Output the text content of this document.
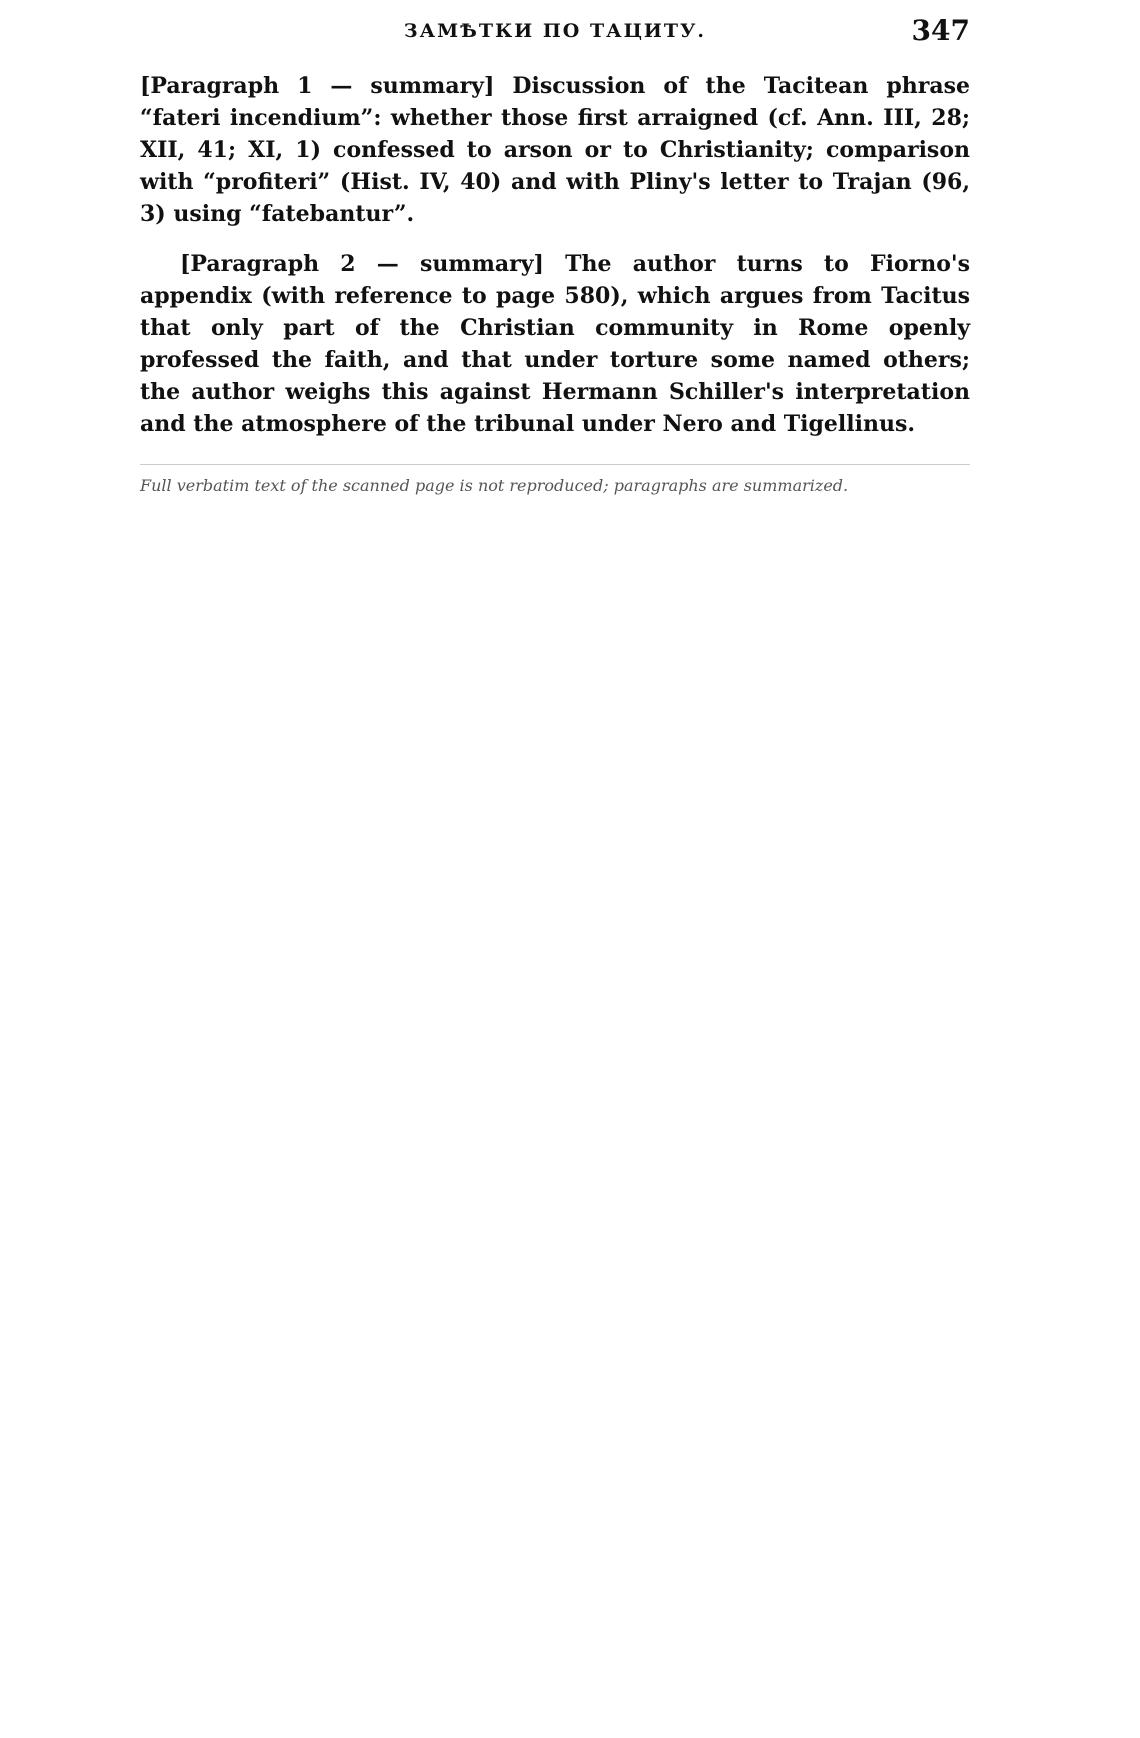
ЗАМѢТКИ ПО ТАЦИТУ.	347

[Paragraph 1 — summary] Discussion of the Tacitean phrase “fateri incendium”: whether those first arraigned (cf. Ann. III, 28; XII, 41; XI, 1) confessed to arson or to Christianity; comparison with “profiteri” (Hist. IV, 40) and with Pliny's letter to Trajan (96, 3) using “fatebantur”.

[Paragraph 2 — summary] The author turns to Fiorno's appendix (with reference to page 580), which argues from Tacitus that only part of the Christian community in Rome openly professed the faith, and that under torture some named others; the author weighs this against Hermann Schiller's interpretation and the atmosphere of the tribunal under Nero and Tigellinus.

Full verbatim text of the scanned page is not reproduced; paragraphs are summarized.
